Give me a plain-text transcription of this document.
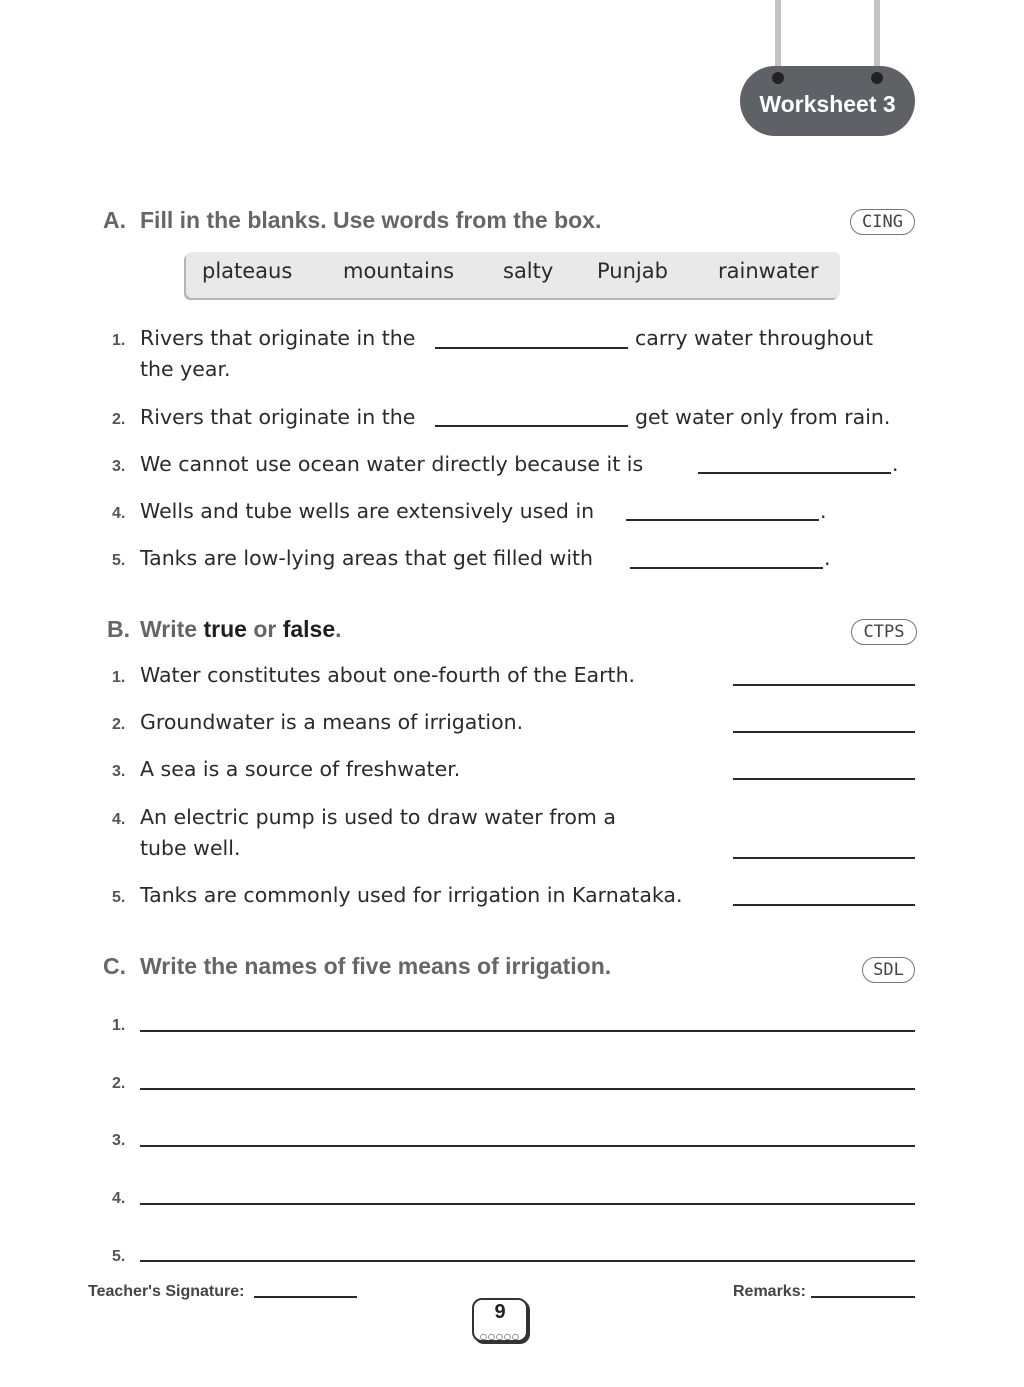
Worksheet 3
A. Fill in the blanks. Use words from the box.	CING
plateaus mountains salty Punjab rainwater
1. Rivers that originate in the	carry water throughout
the year.
2. Rivers that originate in the	get water only from rain.
3. We cannot use ocean water directly because it is	.
4. Wells and tube wells are extensively used in	.
5. Tanks are low-lying areas that get filled with	.
B. Write true or false.	CTPS
1. Water constitutes about one-fourth of the Earth.
2. Groundwater is a means of irrigation.
3. A sea is a source of freshwater.
4. An electric pump is used to draw water from a
tube well.
5. Tanks are commonly used for irrigation in Karnataka.
C. Write the names of five means of irrigation.	SDL
1.
2.
3.
4.
5.
Teacher's Signature:	Remarks:
9
○○○○○
